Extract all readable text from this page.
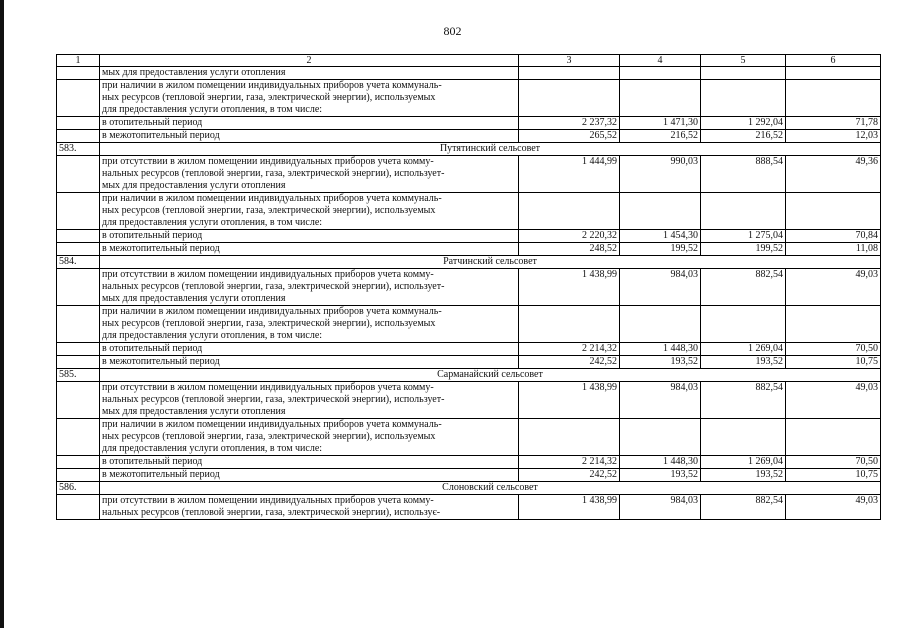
802
1	2	3	4	5	6
	мых для предоставления услуги отопления				

	при наличии в жилом помещении индивидуальных приборов учета коммуналь-
ных ресурсов (тепловой энергии, газа, электрической энергии), используемых
для предоставления услуги отопления, в том числе:				

	в отопительный период	2 237,32	1 471,30	1 292,04	71,78
	в межотопительный период	265,52	216,52	216,52	12,03
583.	Путятинский сельсовет				

	при отсутствии в жилом помещении индивидуальных приборов учета комму-
нальных ресурсов (тепловой энергии, газа, электрической энергии), использует-
мых для предоставления услуги отопления	1 444,99	990,03	888,54	49,36

	при наличии в жилом помещении индивидуальных приборов учета коммуналь-
ных ресурсов (тепловой энергии, газа, электрической энергии), используемых
для предоставления услуги отопления, в том числе:				

	в отопительный период	2 220,32	1 454,30	1 275,04	70,84
	в межотопительный период	248,52	199,52	199,52	11,08
584.	Ратчинский сельсовет				

	при отсутствии в жилом помещении индивидуальных приборов учета комму-
нальных ресурсов (тепловой энергии, газа, электрической энергии), использует-
мых для предоставления услуги отопления	1 438,99	984,03	882,54	49,03

	при наличии в жилом помещении индивидуальных приборов учета коммуналь-
ных ресурсов (тепловой энергии, газа, электрической энергии), используемых
для предоставления услуги отопления, в том числе:				

	в отопительный период	2 214,32	1 448,30	1 269,04	70,50
	в межотопительный период	242,52	193,52	193,52	10,75
585.	Сарманайский сельсовет				

	при отсутствии в жилом помещении индивидуальных приборов учета комму-
нальных ресурсов (тепловой энергии, газа, электрической энергии), использует-
мых для предоставления услуги отопления	1 438,99	984,03	882,54	49,03

	при наличии в жилом помещении индивидуальных приборов учета коммуналь-
ных ресурсов (тепловой энергии, газа, электрической энергии), используемых
для предоставления услуги отопления, в том числе:				

	в отопительный период	2 214,32	1 448,30	1 269,04	70,50
	в межотопительный период	242,52	193,52	193,52	10,75
586.	Слоновский сельсовет				

	при отсутствии в жилом помещении индивидуальных приборов учета комму-
нальных ресурсов (тепловой энергии, газа, электрической энергии), использує-	1 438,99	984,03	882,54	49,03
